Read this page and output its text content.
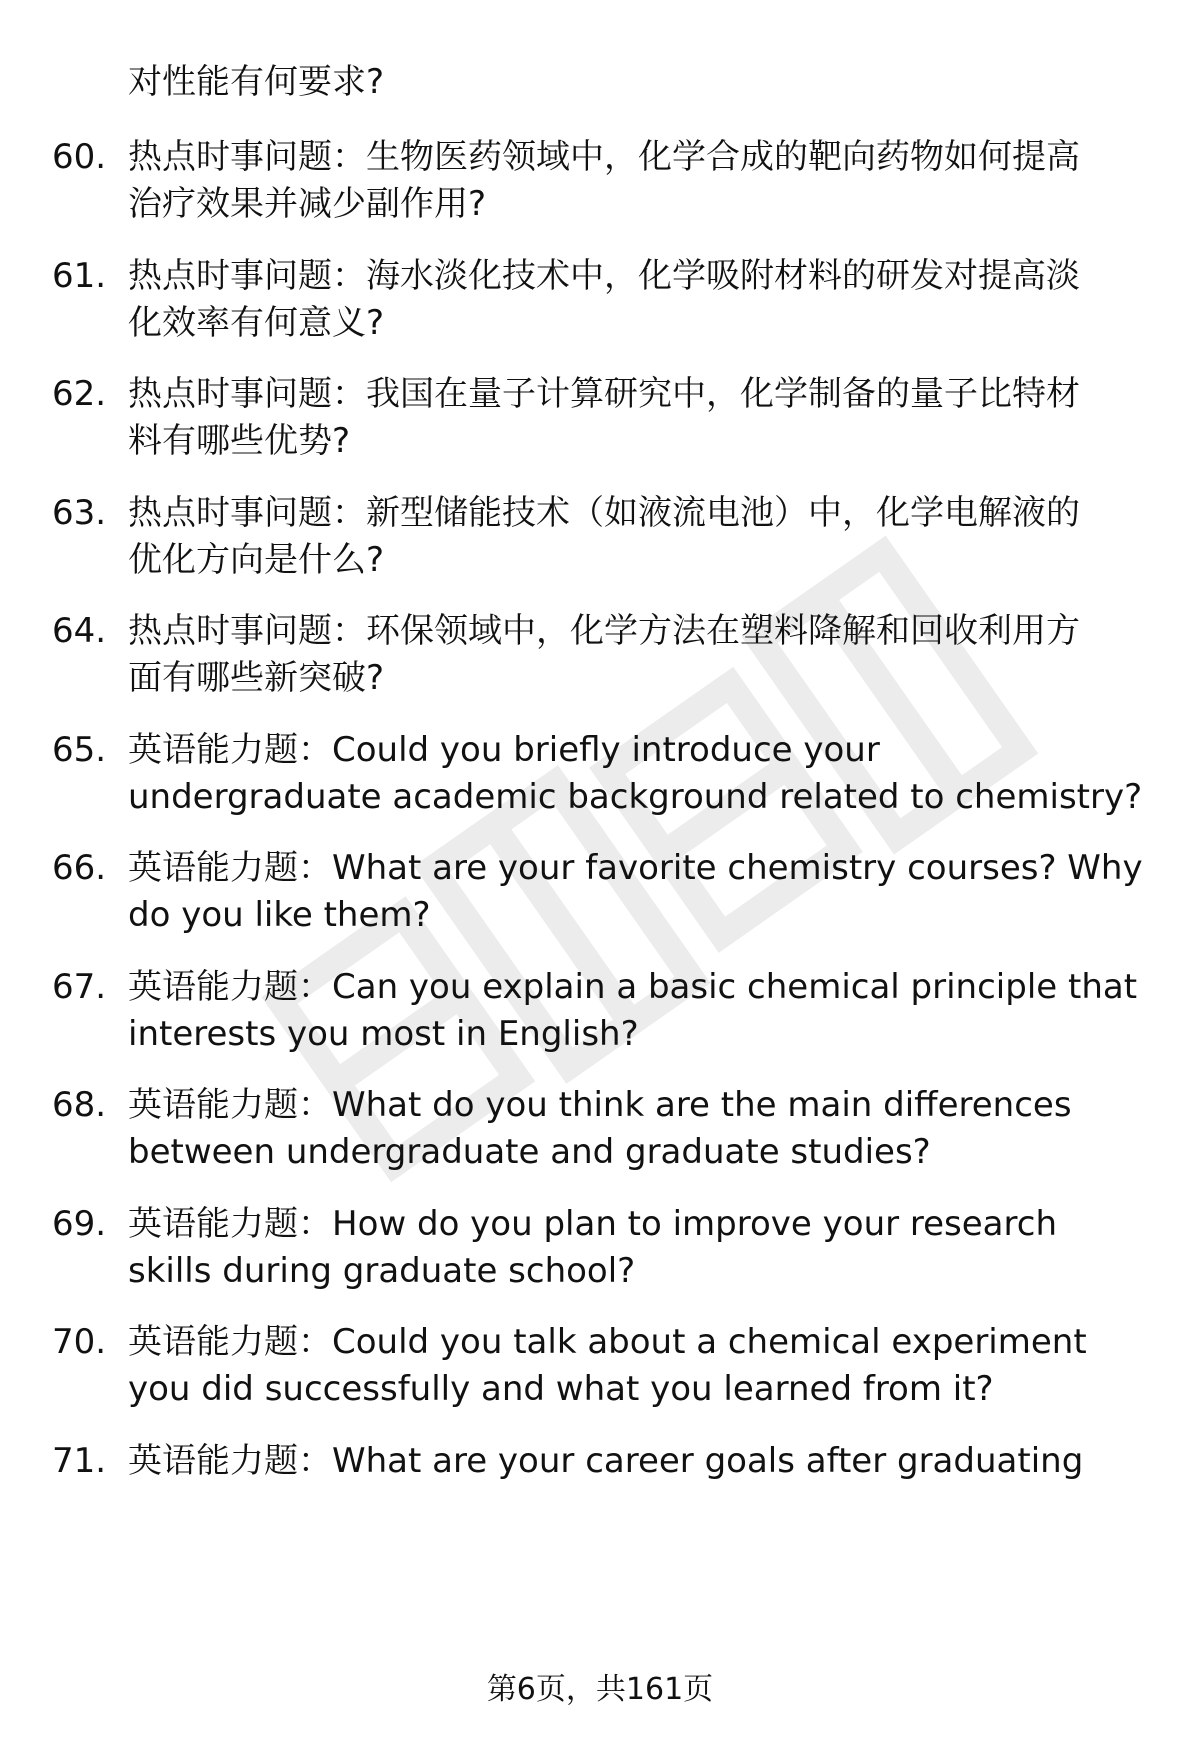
对性能有何要求?
60. 热点时事问题：生物医药领域中，化学合成的靶向药物如何提高
治疗效果并减少副作用?
61. 热点时事问题：海水淡化技术中，化学吸附材料的研发对提高淡
化效率有何意义?
62. 热点时事问题：我国在量子计算研究中，化学制备的量子比特材
料有哪些优势?
63. 热点时事问题：新型储能技术（如液流电池）中，化学电解液的
优化方向是什么?
64. 热点时事问题：环保领域中，化学方法在塑料降解和回收利用方
面有哪些新突破?
65. 英语能力题：Could you briefly introduce your
undergraduate academic background related to chemistry?
66. 英语能力题：What are your favorite chemistry courses? Why
do you like them?
67. 英语能力题：Can you explain a basic chemical principle that
interests you most in English?
68. 英语能力题：What do you think are the main differences
between undergraduate and graduate studies?
69. 英语能力题：How do you plan to improve your research
skills during graduate school?
70. 英语能力题：Could you talk about a chemical experiment
you did successfully and what you learned from it?
71. 英语能力题：What are your career goals after graduating
第6页，共161页
